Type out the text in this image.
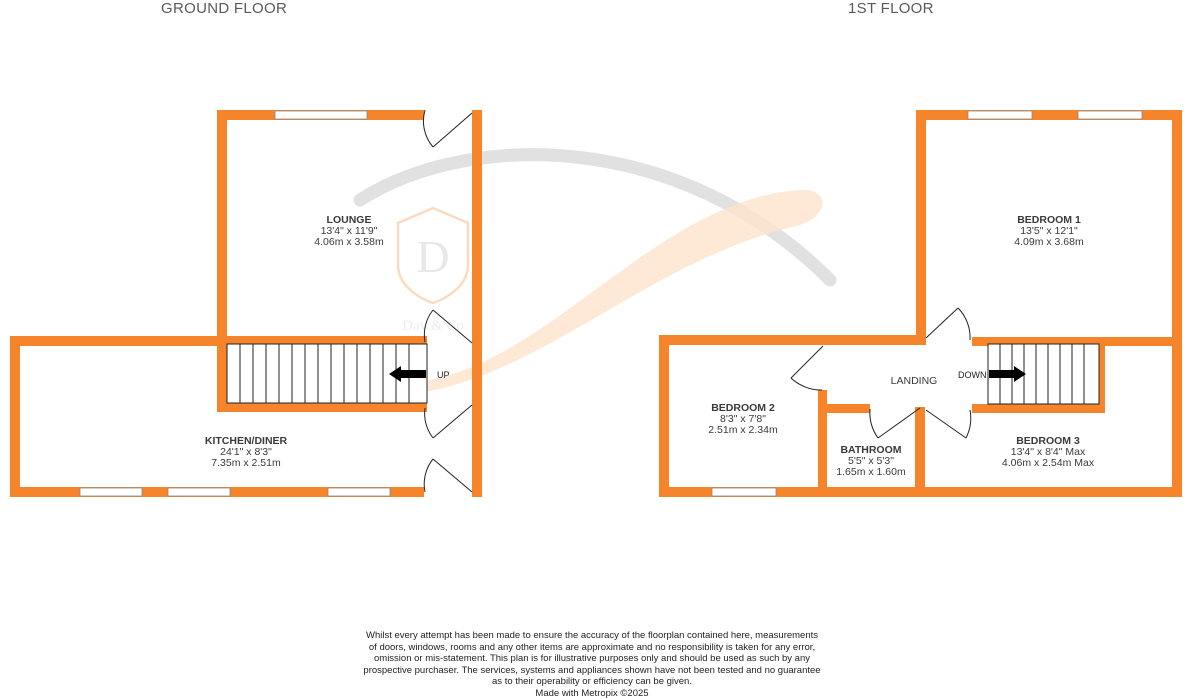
GROUND FLOOR	1ST FLOOR
D
Day & Co
UP
LOUNGE
13'4" x 11'9"
4.06m x 3.58m
KITCHEN/DINER
24'1" x 8'3"
7.35m x 2.51m
DOWN
BEDROOM 1
13'5" x 12'1"
4.09m x 3.68m
BEDROOM 2
8'3" x 7'8"
2.51m x 2.34m
LANDING
BATHROOM
5'5" x 5'3"
1.65m x 1.60m
BEDROOM 3
13'4" x 8'4" Max
4.06m x 2.54m Max
Whilst every attempt has been made to ensure the accuracy of the floorplan contained here, measurements
of doors, windows, rooms and any other items are approximate and no responsibility is taken for any error,
omission or mis-statement. This plan is for illustrative purposes only and should be used as such by any
prospective purchaser. The services, systems and appliances shown have not been tested and no guarantee
as to their operability or efficiency can be given.
Made with Metropix ©2025
